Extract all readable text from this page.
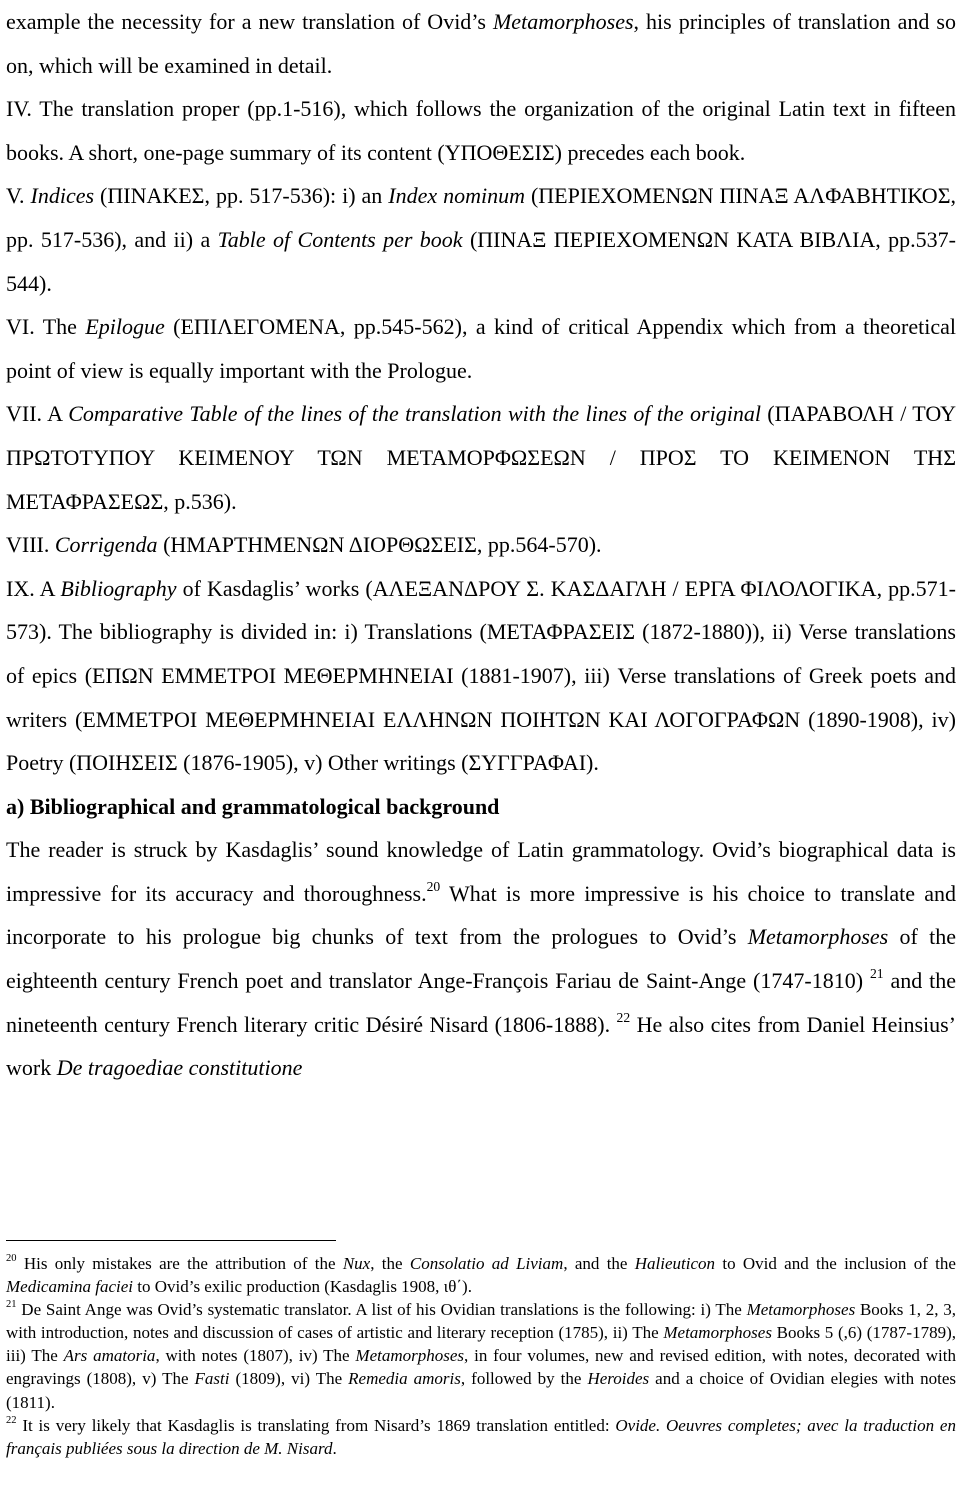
example the necessity for a new translation of Ovid’s Metamorphoses, his principles of translation and so on, which will be examined in detail.

IV. The translation proper (pp.1-516), which follows the organization of the original Latin text in fifteen books. A short, one-page summary of its content (ΥΠΟΘΕΣΙΣ) precedes each book.

V. Indices (ΠΙΝΑΚΕΣ, pp. 517-536): i) an Index nominum (ΠΕΡΙΕΧΟΜΕΝΩΝ ΠΙΝΑΞ ΑΛΦΑΒΗΤΙΚΟΣ, pp. 517-536), and ii) a Table of Contents per book (ΠΙΝΑΞ ΠΕΡΙΕΧΟΜΕΝΩΝ ΚΑΤΑ ΒΙΒΛΙΑ, pp.537-544).

VI. The Epilogue (ΕΠΙΛΕΓΟΜΕΝΑ, pp.545-562), a kind of critical Appendix which from a theoretical point of view is equally important with the Prologue.

VII. A Comparative Table of the lines of the translation with the lines of the original (ΠΑΡΑΒΟΛΗ / ΤΟΥ ΠΡΩΤΟΤΥΠΟΥ ΚΕΙΜΕΝΟΥ ΤΩΝ ΜΕΤΑΜΟΡΦΩΣΕΩΝ / ΠΡΟΣ ΤΟ ΚΕΙΜΕΝΟΝ ΤΗΣ ΜΕΤΑΦΡΑΣΕΩΣ, p.536).

VIII. Corrigenda (ΗΜΑΡΤΗΜΕΝΩΝ ΔΙΟΡΘΩΣΕΙΣ, pp.564-570).

IX. A Bibliography of Kasdaglis’ works (ΑΛΕΞΑΝΔΡΟΥ Σ. ΚΑΣΔΑΓΛΗ / ΕΡΓΑ ΦΙΛΟΛΟΓΙΚΑ, pp.571-573). The bibliography is divided in: i) Translations (ΜΕΤΑΦΡΑΣΕΙΣ (1872-1880)), ii) Verse translations of epics (ΕΠΩΝ ΕΜΜΕΤΡΟΙ ΜΕΘΕΡΜΗΝΕΙΑΙ (1881-1907), iii) Verse translations of Greek poets and writers (ΕΜΜΕΤΡΟΙ ΜΕΘΕΡΜΗΝΕΙΑΙ ΕΛΛΗΝΩΝ ΠΟΙΗΤΩΝ ΚΑΙ ΛΟΓΟΓΡΑΦΩΝ (1890-1908), iv) Poetry (ΠΟΙΗΣΕΙΣ (1876-1905), v) Other writings (ΣΥΓΓΡΑΦΑΙ).

a) Bibliographical and grammatological background

The reader is struck by Kasdaglis’ sound knowledge of Latin grammatology. Ovid’s biographical data is impressive for its accuracy and thoroughness.$^{20}$ What is more impressive is his choice to translate and incorporate to his prologue big chunks of text from the prologues to Ovid’s Metamorphoses of the eighteenth century French poet and translator Ange-François Fariau de Saint-Ange (1747-1810) $^{21}$ and the nineteenth century French literary critic Désiré Nisard (1806-1888). $^{22}$ He also cites from Daniel Heinsius’ work De tragoediae constitutione

$^{20}$ His only mistakes are the attribution of the Nux, the Consolatio ad Liviam, and the Halieuticon to Ovid and the inclusion of the Medicamina faciei to Ovid’s exilic production (Kasdaglis 1908, ιθ΄).

$^{21}$ De Saint Ange was Ovid’s systematic translator. A list of his Ovidian translations is the following: i) The Metamorphoses Books 1, 2, 3, with introduction, notes and discussion of cases of artistic and literary reception (1785), ii) The Metamorphoses Books 5 (,6) (1787-1789), iii) The Ars amatoria, with notes (1807), iv) The Metamorphoses, in four volumes, new and revised edition, with notes, decorated with engravings (1808), v) The Fasti (1809), vi) The Remedia amoris, followed by the Heroides and a choice of Ovidian elegies with notes (1811).

$^{22}$ It is very likely that Kasdaglis is translating from Nisard’s 1869 translation entitled: Ovide. Oeuvres completes; avec la traduction en français publiées sous la direction de M. Nisard.
